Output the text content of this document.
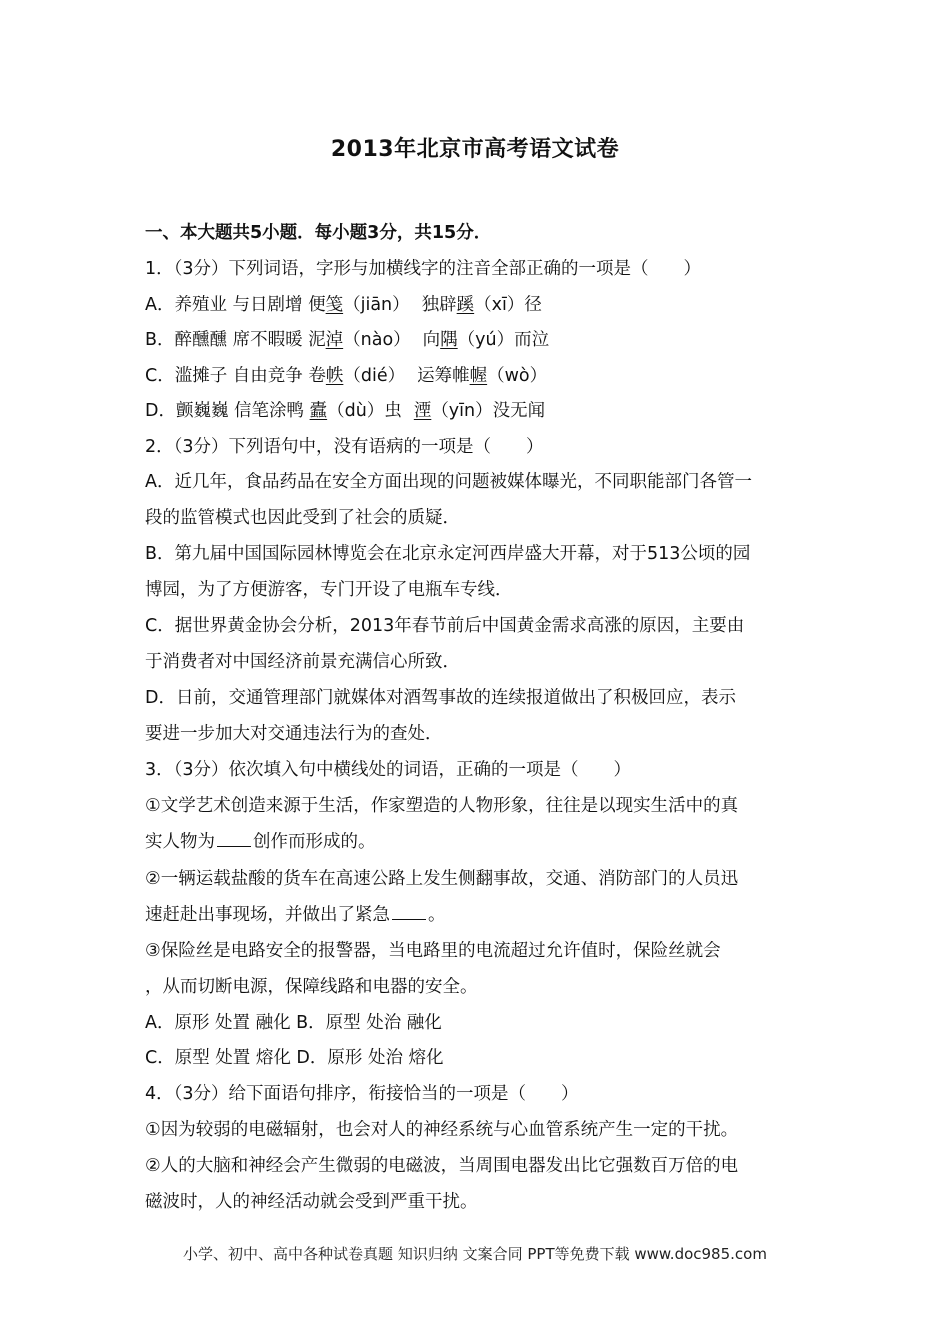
2013年北京市高考语文试卷
一、本大题共5小题．每小题3分，共15分．
1．（3分）下列词语，字形与加横线字的注音全部正确的一项是（　　）
A．养殖业 与日剧增 便笺（jiān） 独辟蹊（xī）径
B．醉醺醺 席不暇暖 泥淖（nào） 向隅（yú）而泣
C．滥摊子 自由竞争 卷帙（dié） 运筹帷幄（wò）
D．颤巍巍 信笔涂鸭 蠹（dù）虫 湮（yīn）没无闻
2．（3分）下列语句中，没有语病的一项是（　　）
A．近几年，食品药品在安全方面出现的问题被媒体曝光，不同职能部门各管一
段的监管模式也因此受到了社会的质疑．
B．第九届中国国际园林博览会在北京永定河西岸盛大开幕，对于513公顷的园
博园，为了方便游客，专门开设了电瓶车专线．
C．据世界黄金协会分析，2013年春节前后中国黄金需求高涨的原因，主要由
于消费者对中国经济前景充满信心所致．
D．日前，交通管理部门就媒体对酒驾事故的连续报道做出了积极回应，表示
要进一步加大对交通违法行为的查处．
3．（3分）依次填入句中横线处的词语，正确的一项是（　　）
①文学艺术创造来源于生活，作家塑造的人物形象，往往是以现实生活中的真
实人物为 创作而形成的。
②一辆运载盐酸的货车在高速公路上发生侧翻事故，交通、消防部门的人员迅
速赶赴出事现场，并做出了紧急 。
③保险丝是电路安全的报警器，当电路里的电流超过允许值时，保险丝就会
，从而切断电源，保障线路和电器的安全。
A．原形 处置 融化 B．原型 处治 融化
C．原型 处置 熔化 D．原形 处治 熔化
4．（3分）给下面语句排序，衔接恰当的一项是（　　）
①因为较弱的电磁辐射，也会对人的神经系统与心血管系统产生一定的干扰。
②人的大脑和神经会产生微弱的电磁波，当周围电器发出比它强数百万倍的电
磁波时，人的神经活动就会受到严重干扰。
小学、初中、高中各种试卷真题 知识归纳 文案合同 PPT等免费下载 www.doc985.com
